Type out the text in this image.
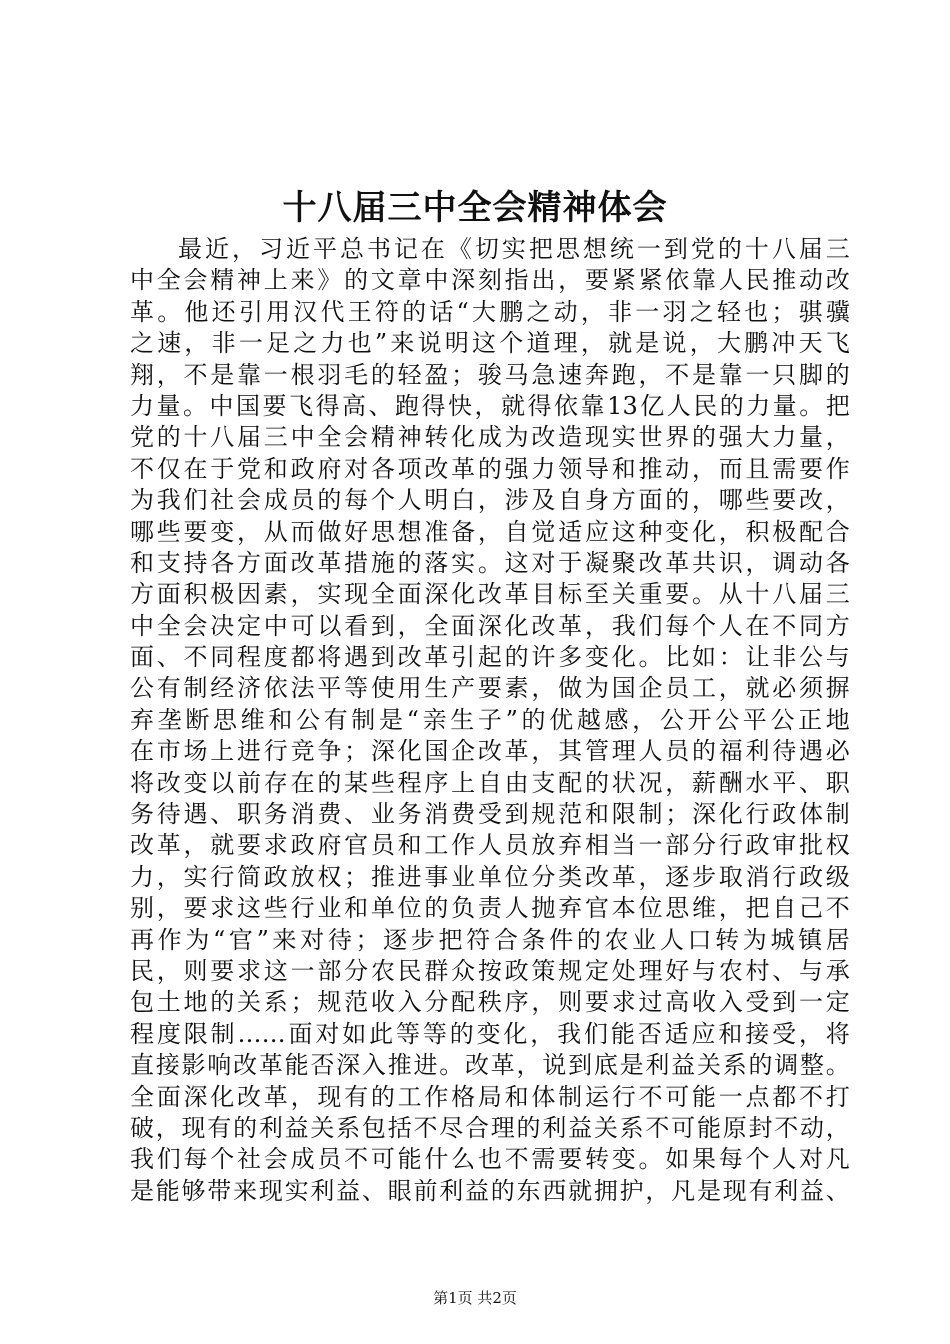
十八届三中全会精神体会
最近，习近平总书记在《切实把思想统一到党的十八届三
中全会精神上来》的文章中深刻指出，要紧紧依靠人民推动改
革。他还引用汉代王符的话“大鹏之动，非一羽之轻也；骐骥
之速，非一足之力也”来说明这个道理，就是说，大鹏冲天飞
翔，不是靠一根羽毛的轻盈；骏马急速奔跑，不是靠一只脚的
力量。中国要飞得高、跑得快，就得依靠13亿人民的力量。把
党的十八届三中全会精神转化成为改造现实世界的强大力量，
不仅在于党和政府对各项改革的强力领导和推动，而且需要作
为我们社会成员的每个人明白，涉及自身方面的，哪些要改，
哪些要变，从而做好思想准备，自觉适应这种变化，积极配合
和支持各方面改革措施的落实。这对于凝聚改革共识，调动各
方面积极因素，实现全面深化改革目标至关重要。从十八届三
中全会决定中可以看到，全面深化改革，我们每个人在不同方
面、不同程度都将遇到改革引起的许多变化。比如：让非公与
公有制经济依法平等使用生产要素，做为国企员工，就必须摒
弃垄断思维和公有制是“亲生子”的优越感，公开公平公正地
在市场上进行竞争；深化国企改革，其管理人员的福利待遇必
将改变以前存在的某些程序上自由支配的状况，薪酬水平、职
务待遇、职务消费、业务消费受到规范和限制；深化行政体制
改革，就要求政府官员和工作人员放弃相当一部分行政审批权
力，实行简政放权；推进事业单位分类改革，逐步取消行政级
别，要求这些行业和单位的负责人抛弃官本位思维，把自己不
再作为“官”来对待；逐步把符合条件的农业人口转为城镇居
民，则要求这一部分农民群众按政策规定处理好与农村、与承
包土地的关系；规范收入分配秩序，则要求过高收入受到一定
程度限制……面对如此等等的变化，我们能否适应和接受，将
直接影响改革能否深入推进。改革，说到底是利益关系的调整。
全面深化改革，现有的工作格局和体制运行不可能一点都不打
破，现有的利益关系包括不尽合理的利益关系不可能原封不动，
我们每个社会成员不可能什么也不需要转变。如果每个人对凡
是能够带来现实利益、眼前利益的东西就拥护，凡是现有利益、
第1页 共2页
